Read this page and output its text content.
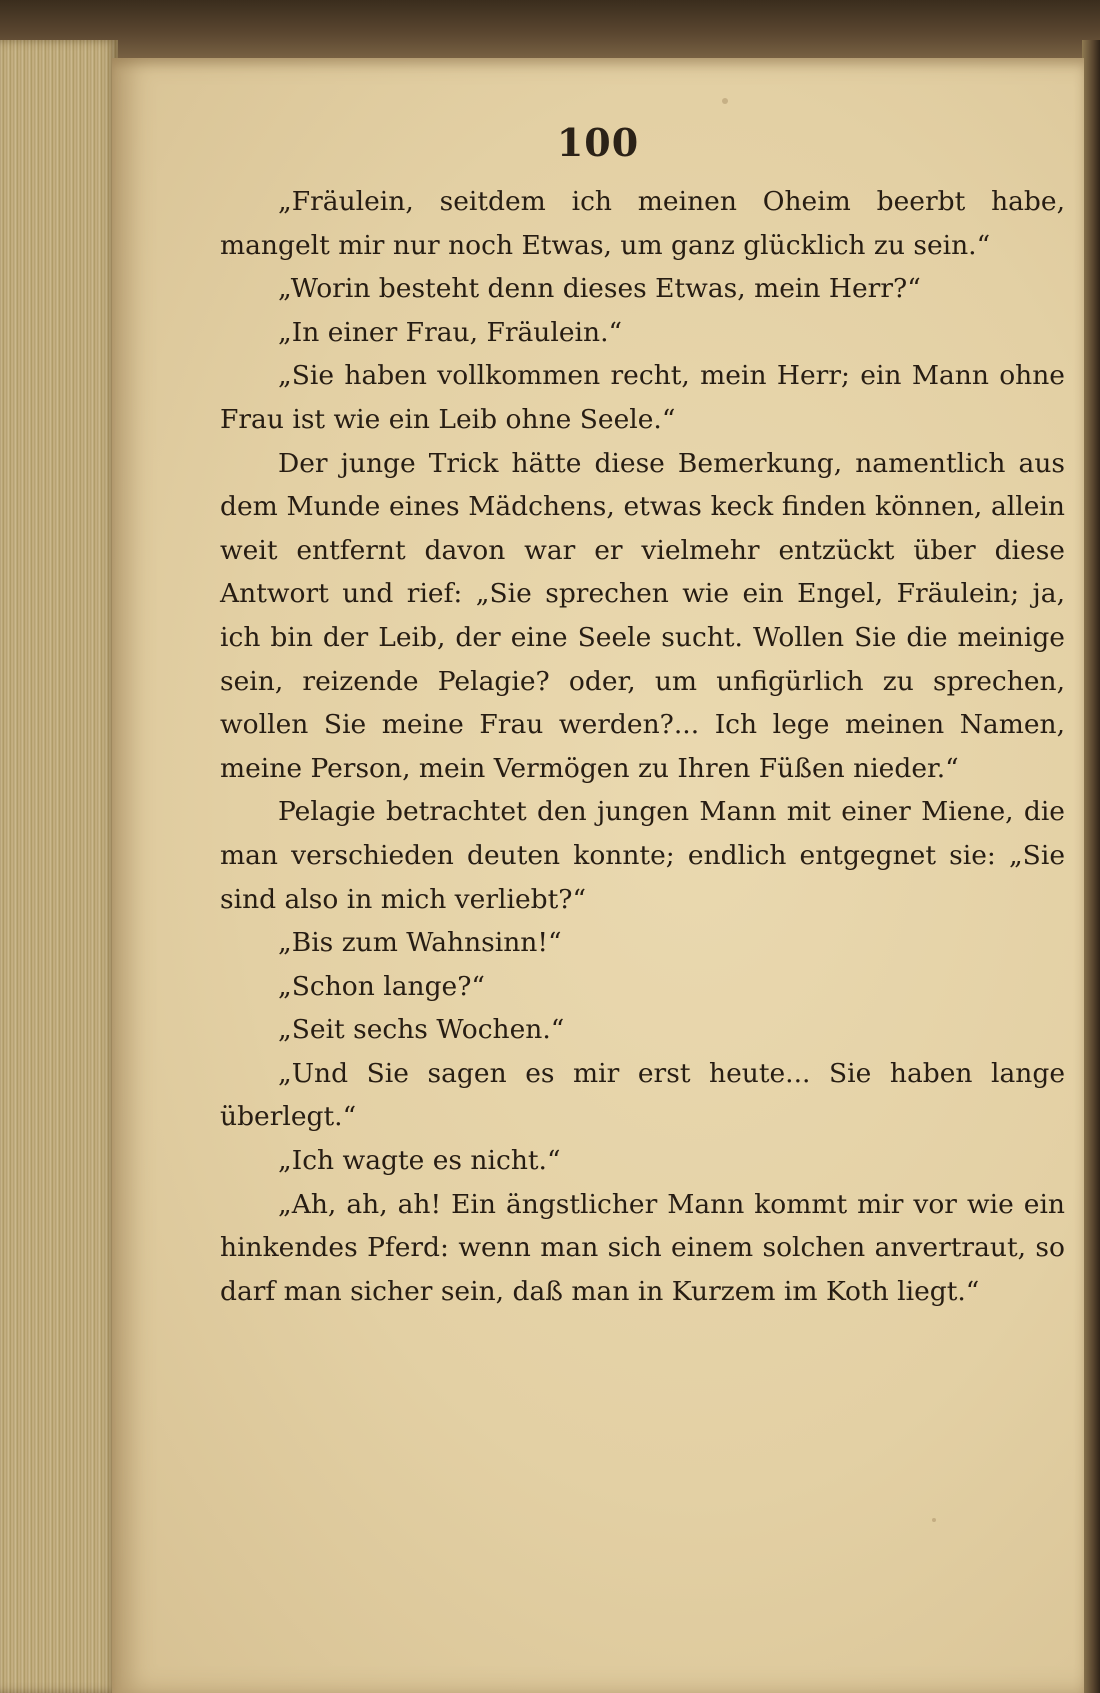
100

„Fräulein, seitdem ich meinen Oheim beerbt habe, mangelt mir nur noch Etwas, um ganz glücklich zu sein.“

„Worin besteht denn dieses Etwas, mein Herr?“

„In einer Frau, Fräulein.“

„Sie haben vollkommen recht, mein Herr; ein Mann ohne Frau ist wie ein Leib ohne Seele.“

Der junge Trick hätte diese Bemerkung, namentlich aus dem Munde eines Mädchens, etwas keck finden können, allein weit entfernt davon war er vielmehr entzückt über diese Antwort und rief: „Sie sprechen wie ein Engel, Fräulein; ja, ich bin der Leib, der eine Seele sucht. Wollen Sie die meinige sein, reizende Pelagie? oder, um unfigürlich zu sprechen, wollen Sie meine Frau werden?... Ich lege meinen Namen, meine Person, mein Vermögen zu Ihren Füßen nieder.“

Pelagie betrachtet den jungen Mann mit einer Miene, die man verschieden deuten konnte; endlich entgegnet sie: „Sie sind also in mich verliebt?“

„Bis zum Wahnsinn!“

„Schon lange?“

„Seit sechs Wochen.“

„Und Sie sagen es mir erst heute... Sie haben lange überlegt.“

„Ich wagte es nicht.“

„Ah, ah, ah! Ein ängstlicher Mann kommt mir vor wie ein hinkendes Pferd: wenn man sich einem solchen anvertraut, so darf man sicher sein, daß man in Kurzem im Koth liegt.“
